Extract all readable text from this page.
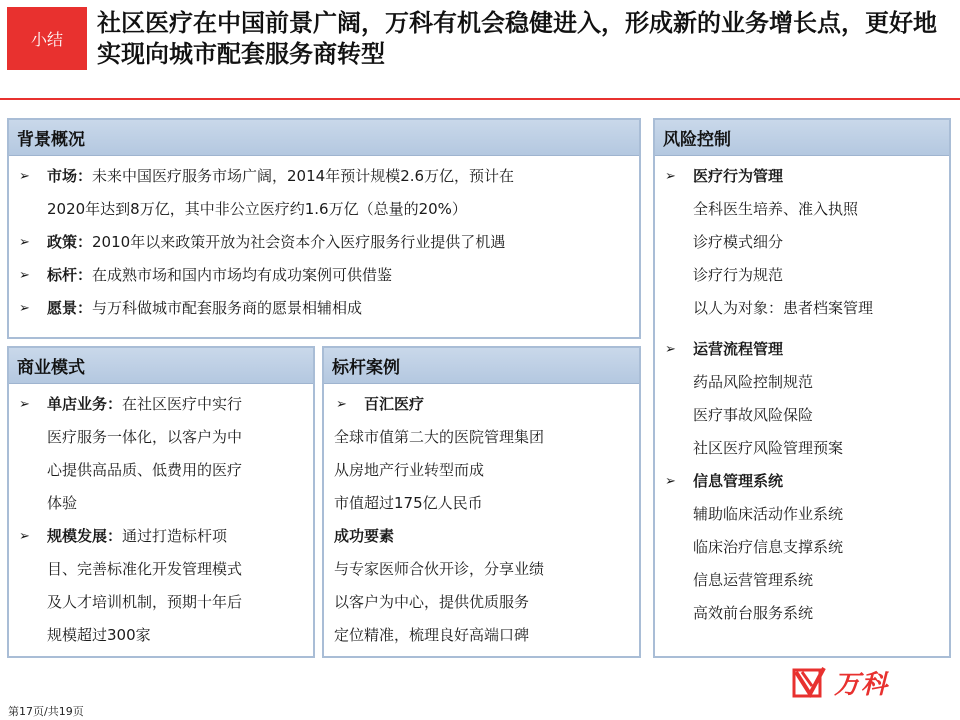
小结
社区医疗在中国前景广阔，万科有机会稳健进入，形成新的业务增长点，更好地实现向城市配套服务商转型
背景概况
➢ 市场：未来中国医疗服务市场广阔，2014年预计规模2.6万亿，预计在
2020年达到8万亿，其中非公立医疗约1.6万亿（总量的20%）
➢ 政策：2010年以来政策开放为社会资本介入医疗服务行业提供了机遇
➢ 标杆：在成熟市场和国内市场均有成功案例可供借鉴
➢ 愿景：与万科做城市配套服务商的愿景相辅相成
商业模式
➢ 单店业务：在社区医疗中实行
医疗服务一体化，以客户为中
心提供高品质、低费用的医疗
体验
➢ 规模发展：通过打造标杆项
目、完善标准化开发管理模式
及人才培训机制，预期十年后
规模超过300家
标杆案例
➢ 百汇医疗
全球市值第二大的医院管理集团
从房地产行业转型而成
市值超过175亿人民币
成功要素
与专家医师合伙开诊，分享业绩
以客户为中心，提供优质服务
定位精准，梳理良好高端口碑
风险控制
➢ 医疗行为管理
全科医生培养、准入执照
诊疗模式细分
诊疗行为规范
以人为对象：患者档案管理
➢ 运营流程管理
药品风险控制规范
医疗事故风险保险
社区医疗风险管理预案
➢ 信息管理系统
辅助临床活动作业系统
临床治疗信息支撑系统
信息运营管理系统
高效前台服务系统
第17页/共19页
万科
